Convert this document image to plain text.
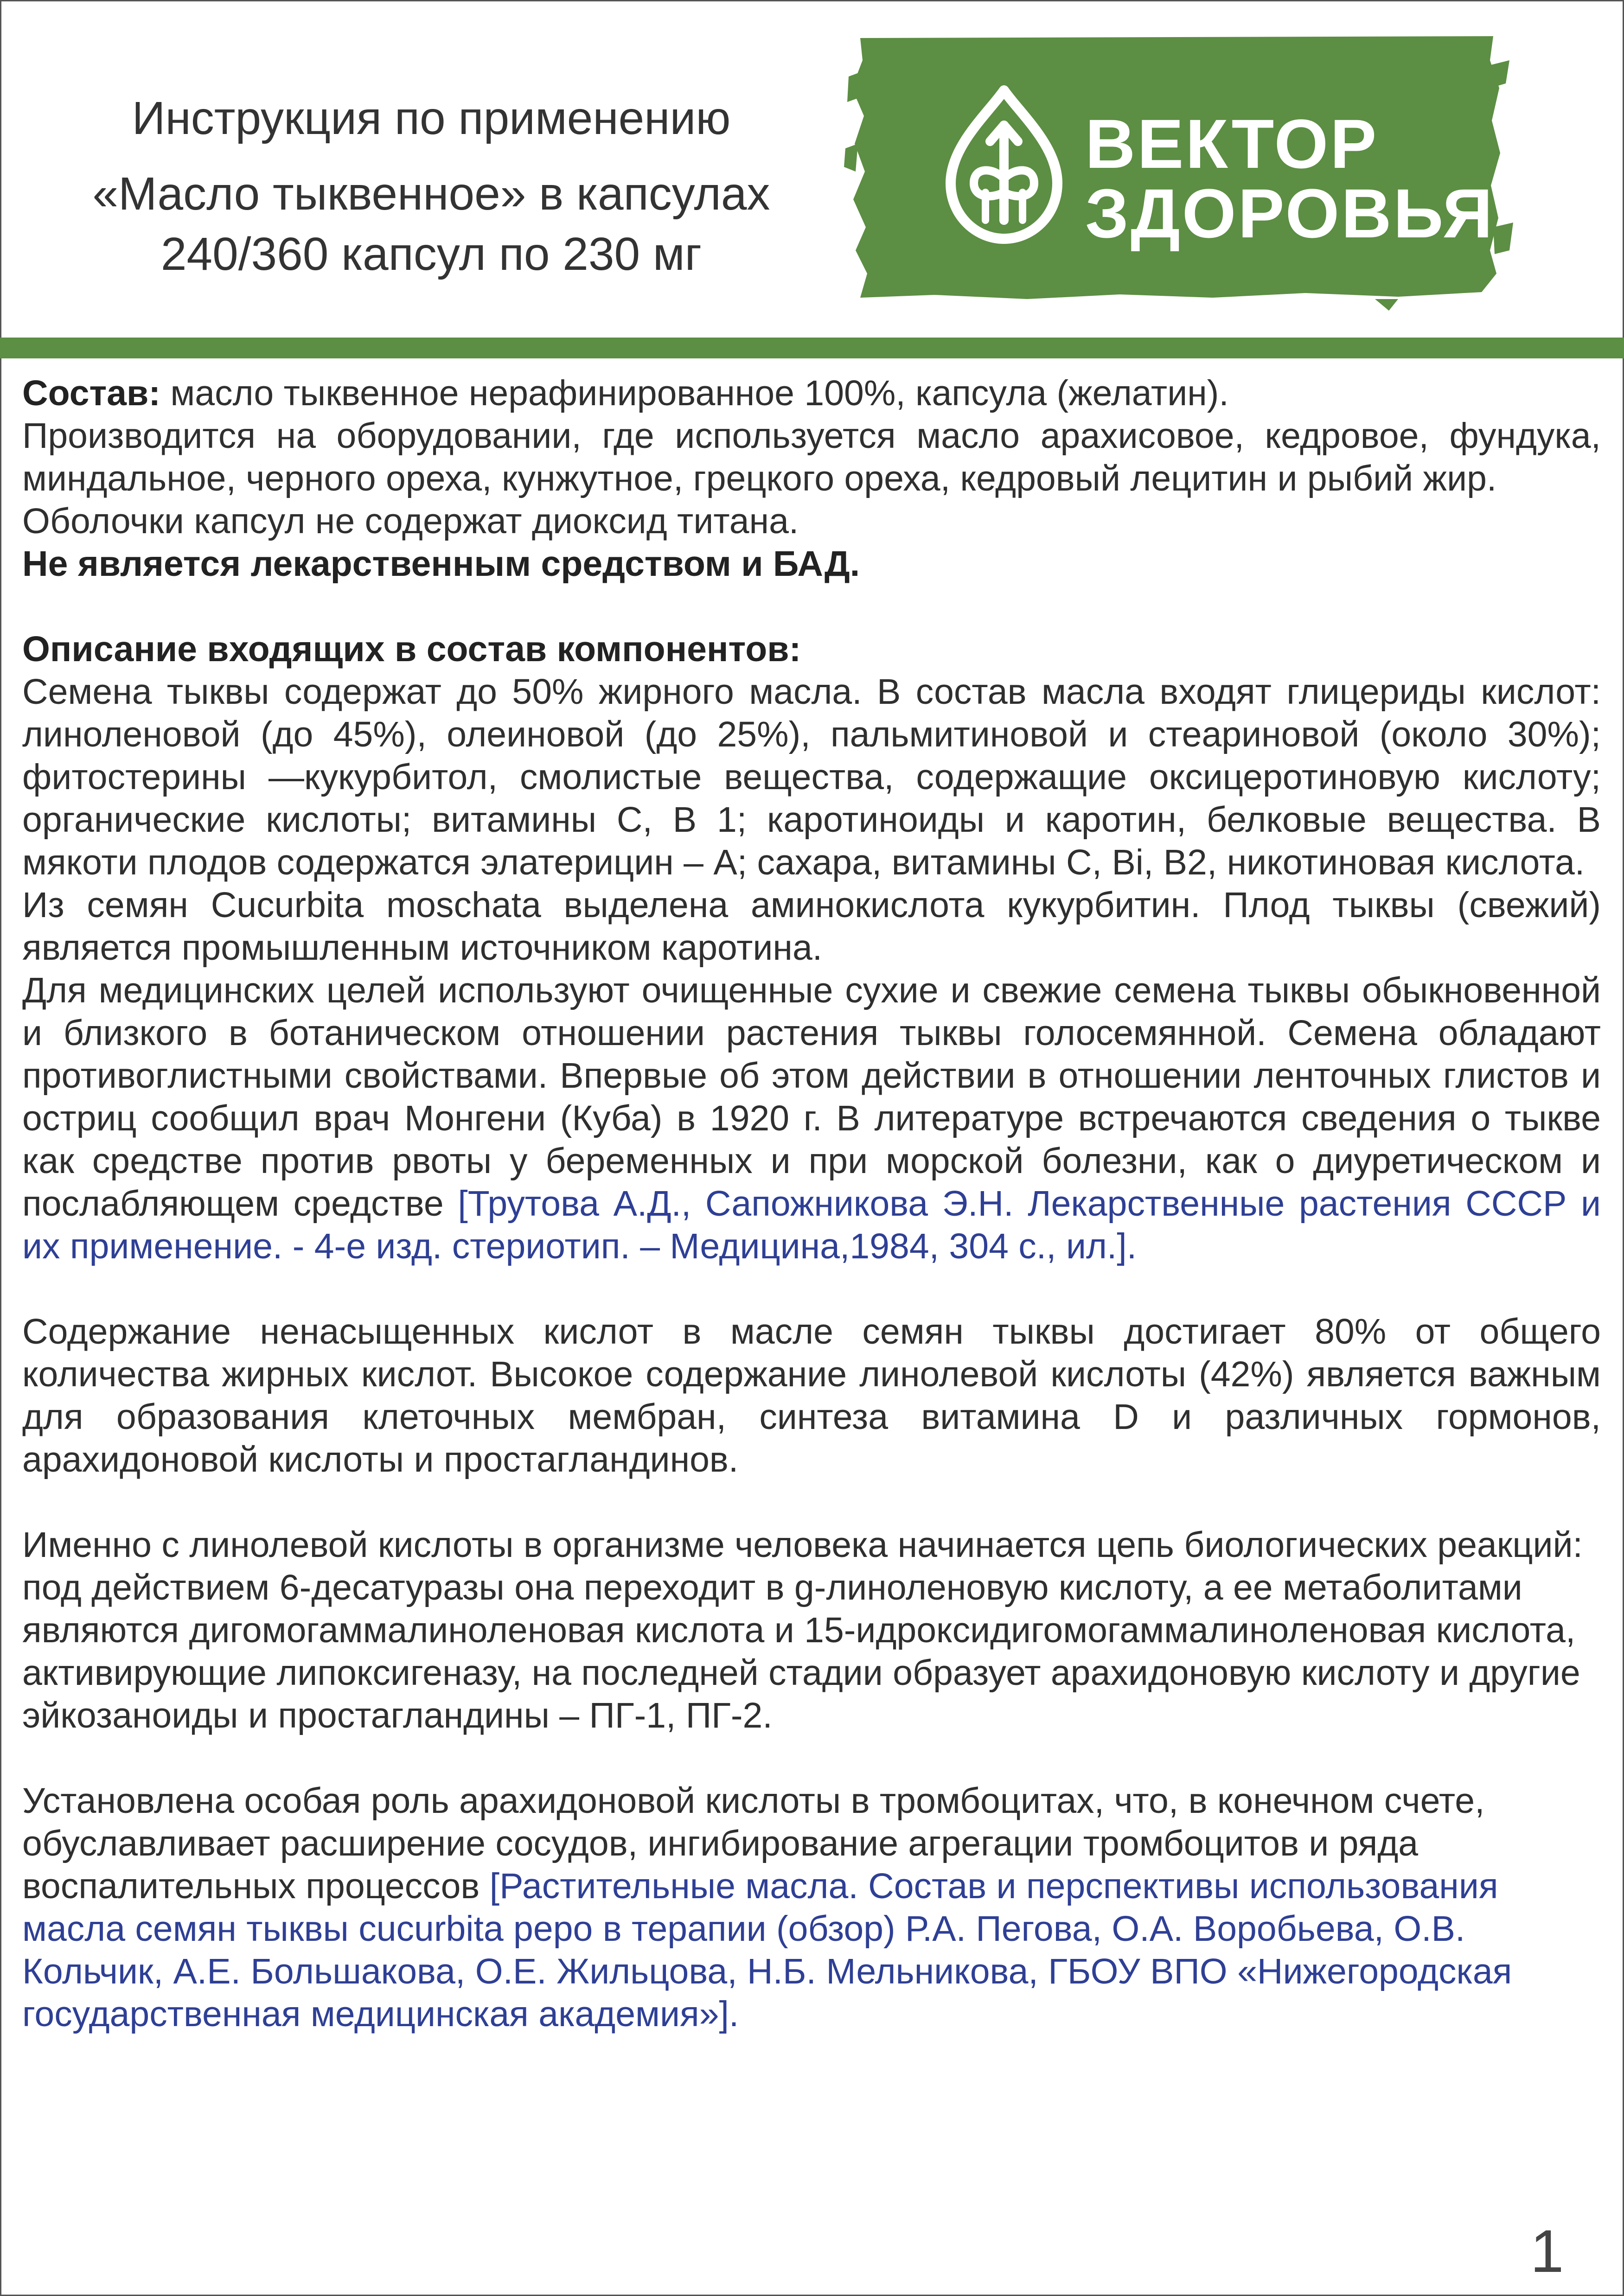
Инструкция по применению
«Масло тыквенное» в капсулах
240/360 капсул по 230 мг
ВЕКТОР
ЗДОРОВЬЯ

Состав: масло тыквенное нерафинированное 100%, капсула (желатин).

Производится на оборудовании, где используется масло арахисовое, кедровое, фундука, миндальное, черного ореха, кунжутное, грецкого ореха, кедровый лецитин и рыбий жир.

Оболочки капсул не содержат диоксид титана.

Не является лекарственным средством и БАД.

Описание входящих в состав компонентов:

Семена тыквы содержат до 50% жирного масла. В состав масла входят глицериды кислот: линоленовой (до 45%), олеиновой (до 25%), пальмитиновой и стеариновой (около 30%); фитостерины —кукурбитол, смолистые вещества, содержащие оксицеротиновую кислоту; органические кислоты; витамины С, В 1; каротиноиды и каротин, белковые вещества. В мякоти плодов содержатся элатерицин – А; сахара, витамины С, Bi, В2, никотиновая кислота.

Из семян Cucurbita moschata выделена аминокислота кукурбитин. Плод тыквы (свежий) является промышленным источником каротина.

Для медицинских целей используют очищенные сухие и свежие семена тыквы обыкновенной и близкого в ботаническом отношении растения тыквы голосемянной. Семена обладают противоглистными свойствами. Впервые об этом действии в отношении ленточных глистов и остриц сообщил врач Монгени (Куба) в 1920 г. В литературе встречаются сведения о тыкве как средстве против рвоты у беременных и при морской болезни, как о диуретическом и послабляющем средстве [Трутова А.Д., Сапожникова Э.Н. Лекарственные растения СССР и их применение. - 4-е изд. стериотип. – Медицина,1984, 304 с., ил.].

Содержание ненасыщенных кислот в масле семян тыквы достигает 80% от общего количества жирных кислот. Высокое содержание линолевой кислоты (42%) является важным для образования клеточных мембран, синтеза витамина D и различных гормонов, арахидоновой кислоты и простагландинов.

Именно с линолевой кислоты в организме человека начинается цепь биологических реакций: под действием 6-десатуразы она переходит в g-линоленовую кислоту, а ее метаболитами являются дигомогаммалиноленовая кислота и 15-идроксидигомогаммалиноленовая кислота, активирующие липоксигеназу, на последней стадии образует арахидоновую кислоту и другие эйкозаноиды и простагландины – ПГ-1, ПГ-2.

Установлена особая роль арахидоновой кислоты в тромбоцитах, что, в конечном счете, обуславливает расширение сосудов, ингибирование агрегации тромбоцитов и ряда воспалительных процессов [Растительные масла. Состав и перспективы использования масла семян тыквы cucurbita реро в терапии (обзор) Р.А. Пегова, О.А. Воробьева, О.В. Кольчик, А.Е. Большакова, О.Е. Жильцова, Н.Б. Мельникова, ГБОУ ВПО «Нижегородская государственная медицинская академия»].

1
